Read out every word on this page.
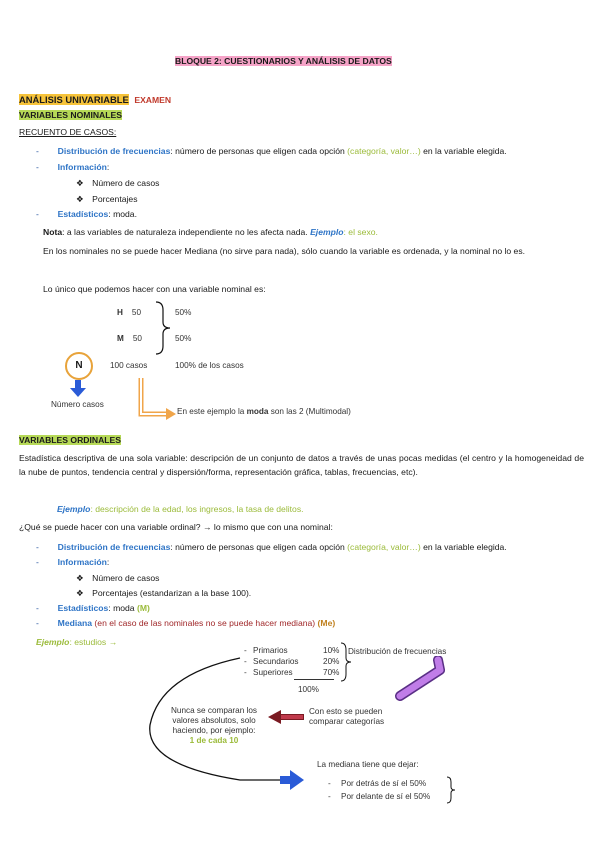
BLOQUE 2: CUESTIONARIOS Y ANÁLISIS DE DATOS
ANÁLISIS UNIVARIABLE EXAMEN
VARIABLES NOMINALES
RECUENTO DE CASOS:
- Distribución de frecuencias: número de personas que eligen cada opción (categoría, valor…) en la variable elegida.
- Información:
❖ Número de casos
❖ Porcentajes
- Estadísticos: moda.
Nota: a las variables de naturaleza independiente no les afecta nada. Ejemplo: el sexo.
En los nominales no se puede hacer Mediana (no sirve para nada), sólo cuando la variable es ordenada, y la nominal no lo es.
Lo único que podemos hacer con una variable nominal es:
H 50
M 50
50%
50%
100 casos	100% de los casos
N
Número casos
En este ejemplo la moda son las 2 (Multimodal)
VARIABLES ORDINALES
Estadística descriptiva de una sola variable: descripción de un conjunto de datos a través de unas pocas medidas (el centro y la homogeneidad de la nube de puntos, tendencia central y dispersión/forma, representación gráfica, tablas, frecuencias, etc).
Ejemplo: descripción de la edad, los ingresos, la tasa de delitos.
¿Qué se puede hacer con una variable ordinal? → lo mismo que con una nominal:
- Distribución de frecuencias: número de personas que eligen cada opción (categoría, valor…) en la variable elegida.
- Información:
❖ Número de casos
❖ Porcentajes (estandarizan a la base 100).
- Estadísticos: moda (M)
- Mediana (en el caso de las nominales no se puede hacer mediana) (Me)
Ejemplo: estudios →
- Primarios	10%
- Secundarios	20%
- Superiores	70%
100%
Distribución de frecuencias
Nunca se comparan los
valores absolutos, solo
haciendo, por ejemplo:
1 de cada 10
Con esto se pueden
comparar categorías
La mediana tiene que dejar:
- Por detrás de sí el 50%
- Por delante de sí el 50%
